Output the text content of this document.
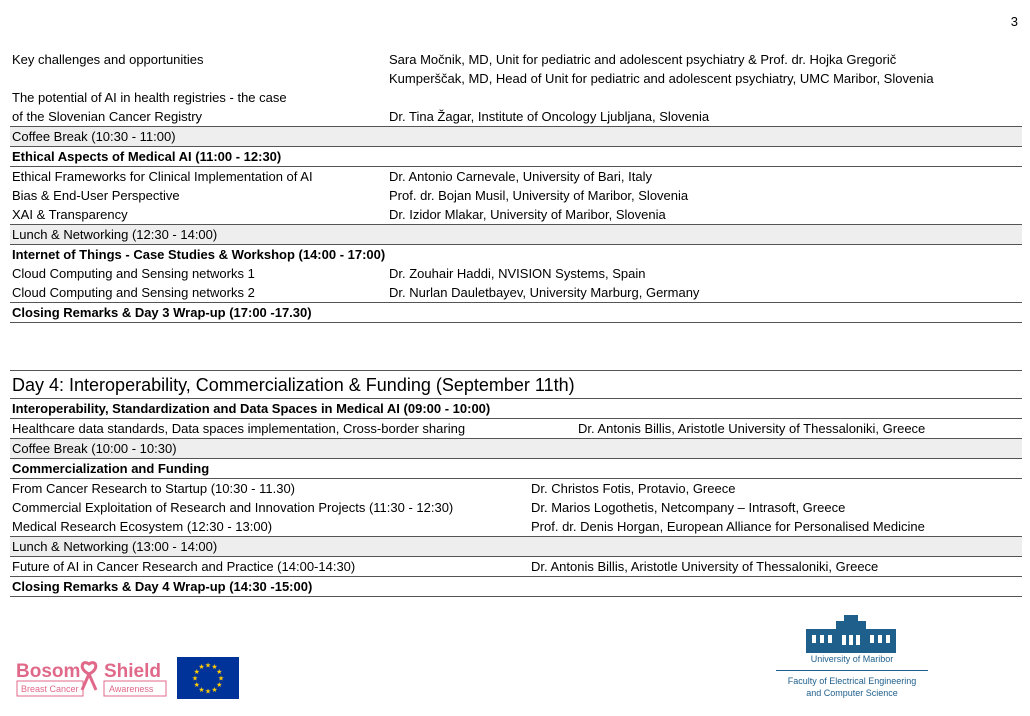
3
Key challenges and opportunities	Sara Močnik, MD, Unit for pediatric and adolescent psychiatry & Prof. dr. Hojka Gregorič
Kumperščak, MD, Head of Unit for pediatric and adolescent psychiatry, UMC Maribor, Slovenia
The potential of AI in health registries - the case
of the Slovenian Cancer Registry	Dr. Tina Žagar, Institute of Oncology Ljubljana, Slovenia
Coffee Break (10:30 - 11:00)
Ethical Aspects of Medical AI (11:00 - 12:30)
Ethical Frameworks for Clinical Implementation of AI	Dr. Antonio Carnevale, University of Bari, Italy
Bias & End-User Perspective	Prof. dr. Bojan Musil, University of Maribor, Slovenia
XAI & Transparency	Dr. Izidor Mlakar, University of Maribor, Slovenia
Lunch & Networking (12:30 - 14:00)
Internet of Things - Case Studies & Workshop (14:00 - 17:00)
Cloud Computing and Sensing networks 1	Dr. Zouhair Haddi, NVISION Systems, Spain
Cloud Computing and Sensing networks 2	Dr. Nurlan Dauletbayev, University Marburg, Germany
Closing Remarks & Day 3 Wrap-up (17:00 -17.30)
Day 4: Interoperability, Commercialization & Funding (September 11th)
Interoperability, Standardization and Data Spaces in Medical AI (09:00 - 10:00)
Healthcare data standards, Data spaces implementation, Cross-border sharing	Dr. Antonis Billis, Aristotle University of Thessaloniki, Greece
Coffee Break (10:00 - 10:30)
Commercialization and Funding
From Cancer Research to Startup (10:30 - 11.30)	Dr. Christos Fotis, Protavio, Greece
Commercial Exploitation of Research and Innovation Projects (11:30 - 12:30)	Dr. Marios Logothetis, Netcompany – Intrasoft, Greece
Medical Research Ecosystem (12:30 - 13:00)	Prof. dr. Denis Horgan, European Alliance for Personalised Medicine
Lunch & Networking (13:00 - 14:00)
Future of AI in Cancer Research and Practice (14:00-14:30)	Dr. Antonis Billis, Aristotle University of Thessaloniki, Greece
Closing Remarks & Day 4 Wrap-up (14:30 -15:00)
Bosom Shield
Breast Cancer	Awareness
★ ★
★
★
★
★
★
★
★
★
★
★
University of Maribor
Faculty of Electrical Engineering
and Computer Science
